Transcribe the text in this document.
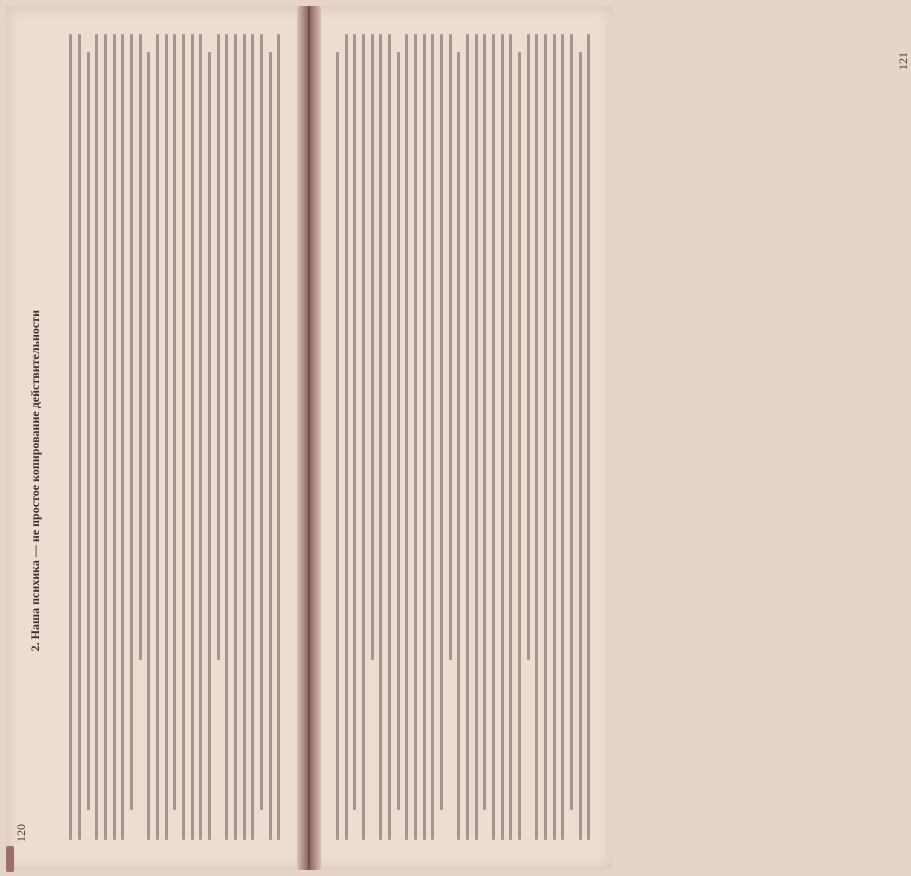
2. Наша психика — не простое копирование действительности
120
121
